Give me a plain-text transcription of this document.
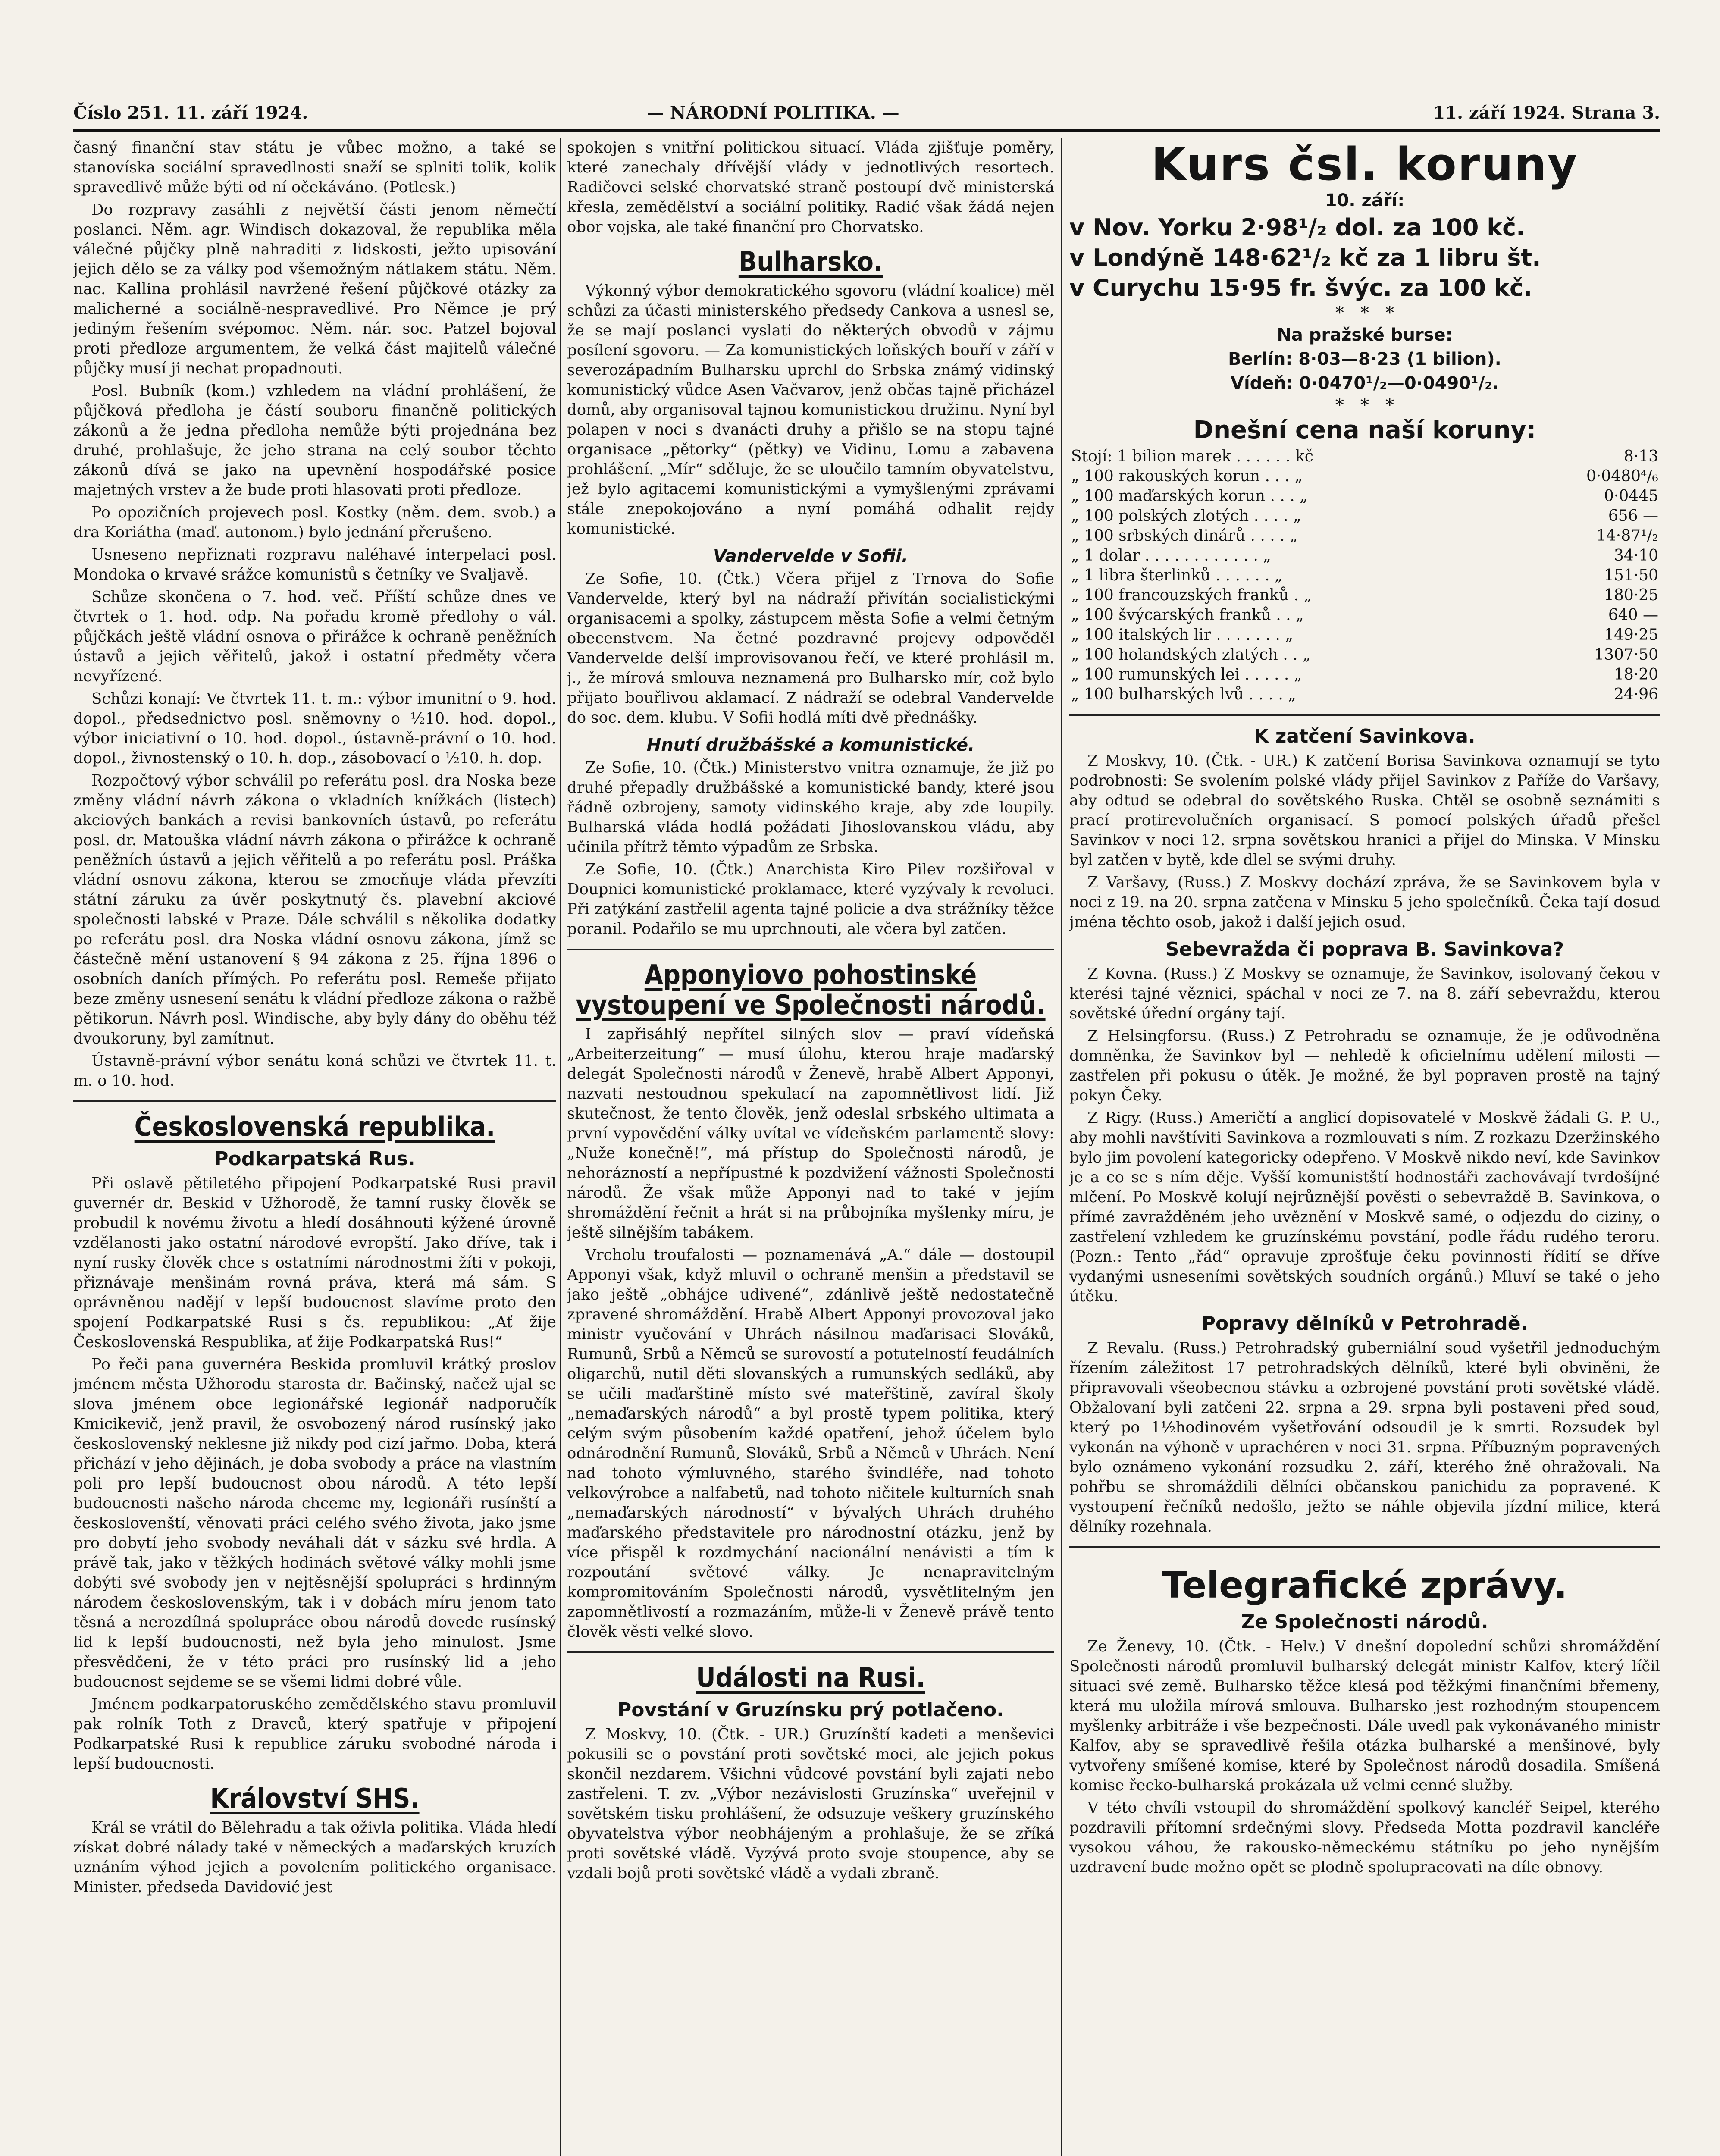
Číslo 251. 11. září 1924.	— NÁRODNÍ POLITIKA. —	11. září 1924. Strana 3.

časný finanční stav státu je vůbec možno, a také se stanovíska sociální spravedlnosti snaží se splniti tolik, kolik spravedlivě může býti od ní očekáváno. (Potlesk.)

Do rozpravy zasáhli z největší části jenom němečtí poslanci. Něm. agr. Windisch dokazoval, že republika měla válečné půjčky plně nahraditi z lidskosti, ježto upisování jejich dělo se za války pod všemožným nátlakem státu. Něm. nac. Kallina prohlásil navržené řešení půjčkové otázky za malicherné a sociálně-nespravedlivé. Pro Němce je prý jediným řešením svépomoc. Něm. nár. soc. Patzel bojoval proti předloze argumentem, že velká část majitelů válečné půjčky musí ji nechat propadnouti.

Posl. Bubník (kom.) vzhledem na vládní prohlášení, že půjčková předloha je částí souboru finančně politických zákonů a že jedna předloha nemůže býti projednána bez druhé, prohlašuje, že jeho strana na celý soubor těchto zákonů dívá se jako na upevnění hospodářské posice majetných vrstev a že bude proti hlasovati proti předloze.

Po opozičních projevech posl. Kostky (něm. dem. svob.) a dra Koriátha (maď. autonom.) bylo jednání přerušeno.

Usneseno nepřiznati rozpravu naléhavé interpelaci posl. Mondoka o krvavé srážce komunistů s četníky ve Svaljavě.

Schůze skončena o 7. hod. več. Příští schůze dnes ve čtvrtek o 1. hod. odp. Na pořadu kromě předlohy o vál. půjčkách ještě vládní osnova o přirážce k ochraně peněžních ústavů a jejich věřitelů, jakož i ostatní předměty včera nevyřízené.

Schůzi konají: Ve čtvrtek 11. t. m.: výbor imunitní o 9. hod. dopol., předsednictvo posl. sněmovny o ½10. hod. dopol., výbor iniciativní o 10. hod. dopol., ústavně-právní o 10. hod. dopol., živnostenský o 10. h. dop., zásobovací o ½10. h. dop.

Rozpočtový výbor schválil po referátu posl. dra Noska beze změny vládní návrh zákona o vkladních knížkách (listech) akciových bankách a revisi bankovních ústavů, po referátu posl. dr. Matouška vládní návrh zákona o přirážce k ochraně peněžních ústavů a jejich věřitelů a po referátu posl. Práška vládní osnovu zákona, kterou se zmocňuje vláda převzíti státní záruku za úvěr poskytnutý čs. plavební akciové společnosti labské v Praze. Dále schválil s několika dodatky po referátu posl. dra Noska vládní osnovu zákona, jímž se částečně mění ustanovení § 94 zákona z 25. října 1896 o osobních daních přímých. Po referátu posl. Remeše přijato beze změny usnesení senátu k vládní předloze zákona o ražbě pětikorun. Návrh posl. Windische, aby byly dány do oběhu též dvoukoruny, byl zamítnut.

Ústavně-právní výbor senátu koná schůzi ve čtvrtek 11. t. m. o 10. hod.

Československá republika.
Podkarpatská Rus.

Při oslavě pětiletého připojení Podkarpatské Rusi pravil guvernér dr. Beskid v Užhorodě, že tamní rusky člověk se probudil k novému životu a hledí dosáhnouti kýžené úrovně vzdělanosti jako ostatní národové evropští. Jako dříve, tak i nyní rusky člověk chce s ostatními národnostmi žíti v pokoji, přiznávaje menšinám rovná práva, která má sám. S oprávněnou nadějí v lepší budoucnost slavíme proto den spojení Podkarpatské Rusi s čs. republikou: „Ať žije Československá Respublika, ať žije Podkarpatská Rus!“

Po řeči pana guvernéra Beskida promluvil krátký proslov jménem města Užhorodu starosta dr. Bačinský, načež ujal se slova jménem obce legionářské legionář nadporučík Kmicikevič, jenž pravil, že osvobozený národ rusínský jako československý neklesne již nikdy pod cizí jařmo. Doba, která přichází v jeho dějinách, je doba svobody a práce na vlastním poli pro lepší budoucnost obou národů. A této lepší budoucnosti našeho národa chceme my, legionáři rusínští a českoslovenští, věnovati práci celého svého života, jako jsme pro dobytí jeho svobody neváhali dát v sázku své hrdla. A právě tak, jako v těžkých hodinách světové války mohli jsme dobýti své svobody jen v nejtěsnější spolupráci s hrdinným národem československým, tak i v dobách míru jenom tato těsná a nerozdílná spolupráce obou národů dovede rusínský lid k lepší budoucnosti, než byla jeho minulost. Jsme přesvědčeni, že v této práci pro rusínský lid a jeho budoucnost sejdeme se se všemi lidmi dobré vůle.

Jménem podkarpatoruského zemědělského stavu promluvil pak rolník Toth z Dravců, který spatřuje v připojení Podkarpatské Rusi k republice záruku svobodné národa i lepší budoucnosti.

Království SHS.

Král se vrátil do Bělehradu a tak oživla politika. Vláda hledí získat dobré nálady také v německých a maďarských kruzích uznáním výhod jejich a povolením politického organisace. Minister. předseda Davidović jest

spokojen s vnitřní politickou situací. Vláda zjišťuje poměry, které zanechaly dřívější vlády v jednotlivých resortech. Radičovci selské chorvatské straně postoupí dvě ministerská křesla, zemědělství a sociální politiky. Radić však žádá nejen obor vojska, ale také finanční pro Chorvatsko.

Bulharsko.

Výkonný výbor demokratického sgovoru (vládní koalice) měl schůzi za účasti ministerského předsedy Cankova a usnesl se, že se mají poslanci vyslati do některých obvodů v zájmu posílení sgovoru. — Za komunistických loňských bouří v září v severozápadním Bulharsku uprchl do Srbska známý vidinský komunistický vůdce Asen Vačvarov, jenž občas tajně přicházel domů, aby organisoval tajnou komunistickou družinu. Nyní byl polapen v noci s dvanácti druhy a přišlo se na stopu tajné organisace „pětorky“ (pětky) ve Vidinu, Lomu a zabavena prohlášení. „Mír“ sděluje, že se uloučilo tamním obyvatelstvu, jež bylo agitacemi komunistickými a vymyšlenými zprávami stále znepokojováno a nyní pomáhá odhalit rejdy komunistické.

Vandervelde v Sofii.

Ze Sofie, 10. (Čtk.) Včera přijel z Trnova do Sofie Vandervelde, který byl na nádraží přivítán socialistickými organisacemi a spolky, zástupcem města Sofie a velmi četným obecenstvem. Na četné pozdravné projevy odpověděl Vandervelde delší improvisovanou řečí, ve které prohlásil m. j., že mírová smlouva neznamená pro Bulharsko mír, což bylo přijato bouřlivou aklamací. Z nádraží se odebral Vandervelde do soc. dem. klubu. V Sofii hodlá míti dvě přednášky.

Hnutí družbášské a komunistické.

Ze Sofie, 10. (Čtk.) Ministerstvo vnitra oznamuje, že již po druhé přepadly družbášské a komunistické bandy, které jsou řádně ozbrojeny, samoty vidinského kraje, aby zde loupily. Bulharská vláda hodlá požádati Jihoslovanskou vládu, aby učinila přítrž těmto výpadům ze Srbska.

Ze Sofie, 10. (Čtk.) Anarchista Kiro Pilev rozšiřoval v Doupnici komunistické proklamace, které vyzývaly k revoluci. Při zatýkání zastřelil agenta tajné policie a dva strážníky těžce poranil. Podařilo se mu uprchnouti, ale včera byl zatčen.

Apponyiovo pohostinské vystoupení ve Společnosti národů.

I zapřisáhlý nepřítel silných slov — praví vídeňská „Arbeiterzeitung“ — musí úlohu, kterou hraje maďarský delegát Společnosti národů v Ženevě, hrabě Albert Apponyi, nazvati nestoudnou spekulací na zapomnětlivost lidí. Již skutečnost, že tento člověk, jenž odeslal srbského ultimata a první vypovědění války uvítal ve vídeňském parlamentě slovy: „Nuže konečně!“, má přístup do Společnosti národů, je nehorázností a nepřípustné k pozdvižení vážnosti Společnosti národů. Že však může Apponyi nad to také v jejím shromáždění řečnit a hrát si na průbojníka myšlenky míru, je ještě silnějším tabákem.

Vrcholu troufalosti — poznamenává „A.“ dále — dostoupil Apponyi však, když mluvil o ochraně menšin a představil se jako ještě „obhájce udivené“, zdánlivě ještě nedostatečně zpravené shromáždění. Hrabě Albert Apponyi provozoval jako ministr vyučování v Uhrách násilnou maďarisaci Slováků, Rumunů, Srbů a Němců se surovostí a potutelností feudálních oligarchů, nutil děti slovanských a rumunských sedláků, aby se učili maďarštině místo své mateřštině, zavíral školy „nemaďarských národů“ a byl prostě typem politika, který celým svým působením každé opatření, jehož účelem bylo odnárodnění Rumunů, Slováků, Srbů a Němců v Uhrách. Není nad tohoto výmluvného, starého švindléře, nad tohoto velkovýrobce a nalfabetů, nad tohoto ničitele kulturních snah „nemaďarských národností“ v bývalých Uhrách druhého maďarského představitele pro národnostní otázku, jenž by více přispěl k rozdmychání nacionální nenávisti a tím k rozpoutání světové války. Je nenapravitelným kompromitováním Společnosti národů, vysvětlitelným jen zapomnětlivostí a rozmazáním, může-li v Ženevě právě tento člověk věsti velké slovo.

Události na Rusi.
Povstání v Gruzínsku prý potlačeno.

Z Moskvy, 10. (Čtk. - UR.) Gruzínští kadeti a menševici pokusili se o povstání proti sovětské moci, ale jejich pokus skončil nezdarem. Všichni vůdcové povstání byli zajati nebo zastřeleni. T. zv. „Výbor nezávislosti Gruzínska“ uveřejnil v sovětském tisku prohlášení, že odsuzuje veškery gruzínského obyvatelstva výbor neobhájeným a prohlašuje, že se zříká proti sovětské vládě. Vyzývá proto svoje stoupence, aby se vzdali bojů proti sovětské vládě a vydali zbraně.

Kurs čsl. koruny

10. září:

v Nov. Yorku 2·98¹/₂ dol. za 100 kč.

v Londýně 148·62¹/₂ kč za 1 libru št.

v Curychu 15·95 fr. švýc. za 100 kč.

*   *   *

Na pražské burse:

Berlín: 8·03—8·23 (1 bilion).

Vídeň: 0·0470¹/₂—0·0490¹/₂.

*   *   *

Dnešní cena naší koruny:

Stojí: 1 bilion marek . . . . . . kč	8·13
„ 100 rakouských korun . . . „	0·0480⁴/₆
„ 100 maďarských korun . . . „	0·0445
„ 100 polských zlotých . . . . „	656 —
„ 100 srbských dinárů . . . . „	14·87¹/₂
„ 1 dolar . . . . . . . . . . . . „	34·10
„ 1 libra šterlinků . . . . . . „	151·50
„ 100 francouzských franků . „	180·25
„ 100 švýcarských franků . . „	640 —
„ 100 italských lir . . . . . . . „	149·25
„ 100 holandských zlatých . . „	1307·50
„ 100 rumunských lei . . . . . „	18·20
„ 100 bulharských lvů . . . . „	24·96
K zatčení Savinkova.

Z Moskvy, 10. (Čtk. - UR.) K zatčení Borisa Savinkova oznamují se tyto podrobnosti: Se svolením polské vlády přijel Savinkov z Paříže do Varšavy, aby odtud se odebral do sovětského Ruska. Chtěl se osobně seznámiti s prací protirevolučních organisací. S pomocí polských úřadů přešel Savinkov v noci 12. srpna sovětskou hranici a přijel do Minska. V Minsku byl zatčen v bytě, kde dlel se svými druhy.

Z Varšavy, (Russ.) Z Moskvy dochází zpráva, že se Savinkovem byla v noci z 19. na 20. srpna zatčena v Minsku 5 jeho společníků. Čeka tají dosud jména těchto osob, jakož i další jejich osud.

Sebevražda či poprava B. Savinkova?

Z Kovna. (Russ.) Z Moskvy se oznamuje, že Savinkov, isolovaný čekou v kterési tajné věznici, spáchal v noci ze 7. na 8. září sebevraždu, kterou sovětské úřední orgány tají.

Z Helsingforsu. (Russ.) Z Petrohradu se oznamuje, že je odůvodněna domněnka, že Savinkov byl — nehledě k oficielnímu udělení milosti — zastřelen při pokusu o útěk. Je možné, že byl popraven prostě na tajný pokyn Čeky.

Z Rigy. (Russ.) Američtí a anglicí dopisovatelé v Moskvě žádali G. P. U., aby mohli navštíviti Savinkova a rozmlouvati s ním. Z rozkazu Dzeržinského bylo jim povolení kategoricky odepřeno. V Moskvě nikdo neví, kde Savinkov je a co se s ním děje. Vyšší komunistští hodnostáři zachovávají tvrdošíjné mlčení. Po Moskvě kolují nejrůznější pověsti o sebevraždě B. Savinkova, o přímé zavražděném jeho uvěznění v Moskvě samé, o odjezdu do ciziny, o zastřelení vzhledem ke gruzínskému povstání, podle řádu rudého teroru. (Pozn.: Tento „řád“ opravuje zprošťuje čeku povinnosti řídití se dříve vydanými usneseními sovětských soudních orgánů.) Mluví se také o jeho útěku.

Popravy dělníků v Petrohradě.

Z Revalu. (Russ.) Petrohradský guberniální soud vyšetřil jednoduchým řízením záležitost 17 petrohradských dělníků, které byli obviněni, že připravovali všeobecnou stávku a ozbrojené povstání proti sovětské vládě. Obžalovaní byli zatčeni 22. srpna a 29. srpna byli postaveni před soud, který po 1½hodinovém vyšetřování odsoudil je k smrti. Rozsudek byl vykonán na výhoně v uprachéren v noci 31. srpna. Příbuzným popravených bylo oznámeno vykonání rozsudku 2. září, kterého žně ohražovali. Na pohřbu se shromáždili dělníci občanskou panichidu za popravené. K vystoupení řečníků nedošlo, ježto se náhle objevila jízdní milice, která dělníky rozehnala.

Telegrafické zprávy.
Ze Společnosti národů.

Ze Ženevy, 10. (Čtk. - Helv.) V dnešní dopolední schůzi shromáždění Společnosti národů promluvil bulharský delegát ministr Kalfov, který líčil situaci své země. Bulharsko těžce klesá pod těžkými finančními břemeny, která mu uložila mírová smlouva. Bulharsko jest rozhodným stoupencem myšlenky arbitráže i vše bezpečnosti. Dále uvedl pak vykonávaného ministr Kalfov, aby se spravedlivě řešila otázka bulharské a menšinové, byly vytvořeny smíšené komise, které by Společnost národů dosadila. Smíšená komise řecko-bulharská prokázala už velmi cenné služby.

V této chvíli vstoupil do shromáždění spolkový kancléř Seipel, kterého pozdravili přítomní srdečnými slovy. Předseda Motta pozdravil kancléře vysokou váhou, že rakousko-německému státníku po jeho nynějším uzdravení bude možno opět se plodně spolupracovati na díle obnovy.
